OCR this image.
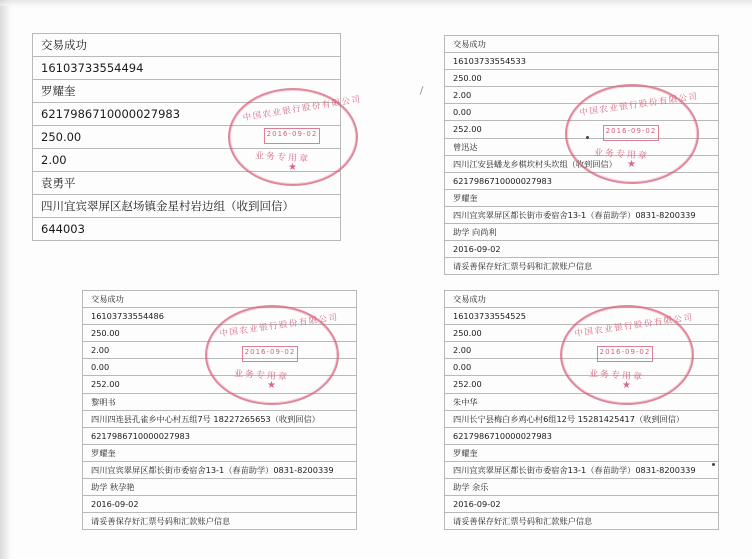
交易成功
16103733554494
罗耀奎
6217986710000027983
250.00
2.00
袁勇平
四川宜宾翠屏区赵场镇金星村岩边组（收到回信）
644003
中国农业银行股份有限公司
2016-09-02
业务专用章
★
交易成功
16103733554533
250.00
2.00
0.00
252.00
曾迅达
四川江安县蟠龙乡棋坎村头坎组（收到回信）
6217986710000027983
罗耀奎
四川宜宾翠屏区都长街市委宿舍13-1（春苗助学）0831-8200339
助学 向尚利
2016-09-02
请妥善保存好汇票号码和汇款账户信息
中国农业银行股份有限公司
2016-09-02
业务专用章
★
交易成功
16103733554486
250.00
2.00
0.00
252.00
黎明书
四川四连县孔雀乡中心村五组7号 18227265653（收到回信）
6217986710000027983
罗耀奎
四川宜宾翠屏区都长街市委宿舍13-1（春苗助学）0831-8200339
助学 秋孕艳
2016-09-02
请妥善保存好汇票号码和汇款账户信息
中国农业银行股份有限公司
2016-09-02
业务专用章
★
交易成功
16103733554525
250.00
2.00
0.00
252.00
朱中华
四川长宁县梅白乡鸡心村6组12号 15281425417（收到回信）
6217986710000027983
罗耀奎
四川宜宾翠屏区都长街市委宿舍13-1（春苗助学）0831-8200339
助学 余乐
2016-09-02
请妥善保存好汇票号码和汇款账户信息
中国农业银行股份有限公司
2016-09-02
业务专用章
★
